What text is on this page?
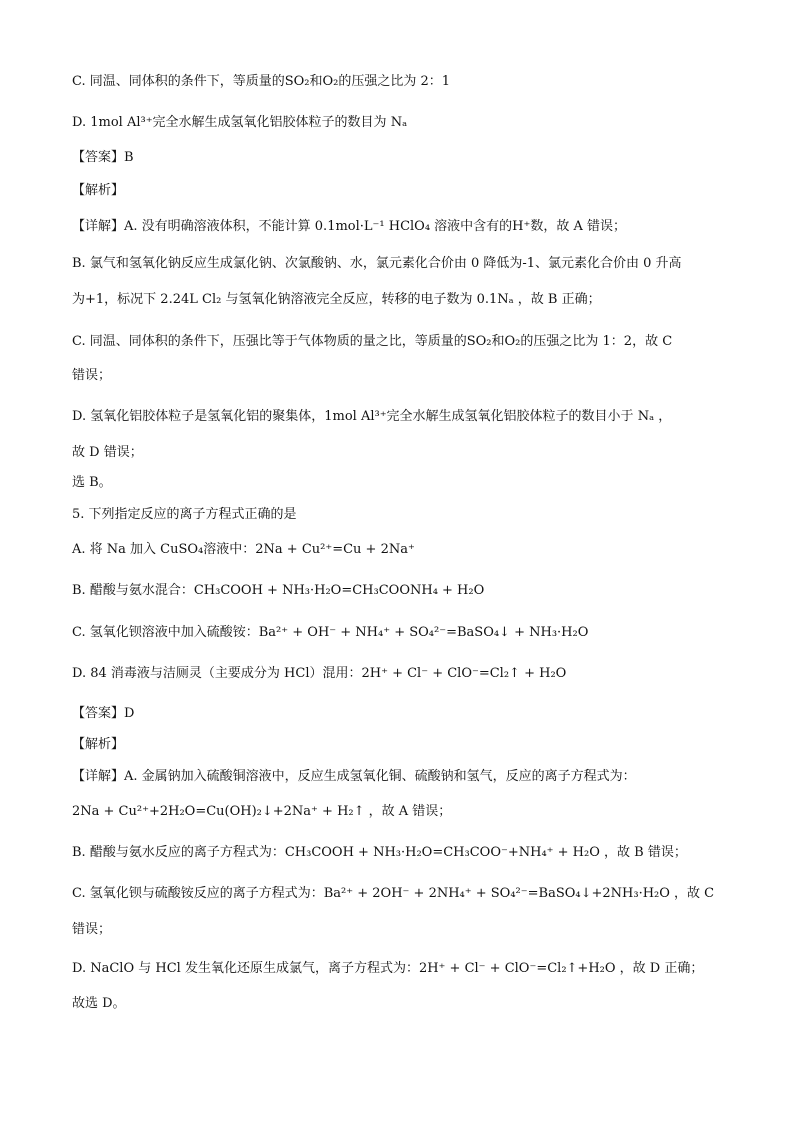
C. 同温、同体积的条件下，等质量的SO₂和O₂的压强之比为 2：1
D. 1mol Al³⁺完全水解生成氢氧化铝胶体粒子的数目为 Nₐ
【答案】B
【解析】
【详解】A. 没有明确溶液体积，不能计算 0.1mol·L⁻¹ HClO₄ 溶液中含有的H⁺数，故 A 错误；
B. 氯气和氢氧化钠反应生成氯化钠、次氯酸钠、水，氯元素化合价由 0 降低为-1、氯元素化合价由 0 升高
为+1，标况下 2.24L Cl₂ 与氢氧化钠溶液完全反应，转移的电子数为 0.1Nₐ ，故 B 正确；
C. 同温、同体积的条件下，压强比等于气体物质的量之比，等质量的SO₂和O₂的压强之比为 1：2，故 C
错误；
D. 氢氧化铝胶体粒子是氢氧化铝的聚集体，1mol Al³⁺完全水解生成氢氧化铝胶体粒子的数目小于 Nₐ ，
故 D 错误；
选 B。
5. 下列指定反应的离子方程式正确的是
A. 将 Na 加入 CuSO₄溶液中：2Na + Cu²⁺=Cu + 2Na⁺
B. 醋酸与氨水混合：CH₃COOH + NH₃·H₂O=CH₃COONH₄ + H₂O
C. 氢氧化钡溶液中加入硫酸铵：Ba²⁺ + OH⁻ + NH₄⁺ + SO₄²⁻=BaSO₄↓ + NH₃·H₂O
D. 84 消毒液与洁厕灵（主要成分为 HCl）混用：2H⁺ + Cl⁻ + ClO⁻=Cl₂↑ + H₂O
【答案】D
【解析】
【详解】A. 金属钠加入硫酸铜溶液中，反应生成氢氧化铜、硫酸钠和氢气，反应的离子方程式为：
2Na + Cu²⁺+2H₂O=Cu(OH)₂↓+2Na⁺ + H₂↑ ，故 A 错误；
B. 醋酸与氨水反应的离子方程式为：CH₃COOH + NH₃·H₂O=CH₃COO⁻+NH₄⁺ + H₂O ，故 B 错误；
C. 氢氧化钡与硫酸铵反应的离子方程式为：Ba²⁺ + 2OH⁻ + 2NH₄⁺ + SO₄²⁻=BaSO₄↓+2NH₃·H₂O ，故 C
错误；
D. NaClO 与 HCl 发生氧化还原生成氯气，离子方程式为：2H⁺ + Cl⁻ + ClO⁻=Cl₂↑+H₂O ，故 D 正确；
故选 D。
